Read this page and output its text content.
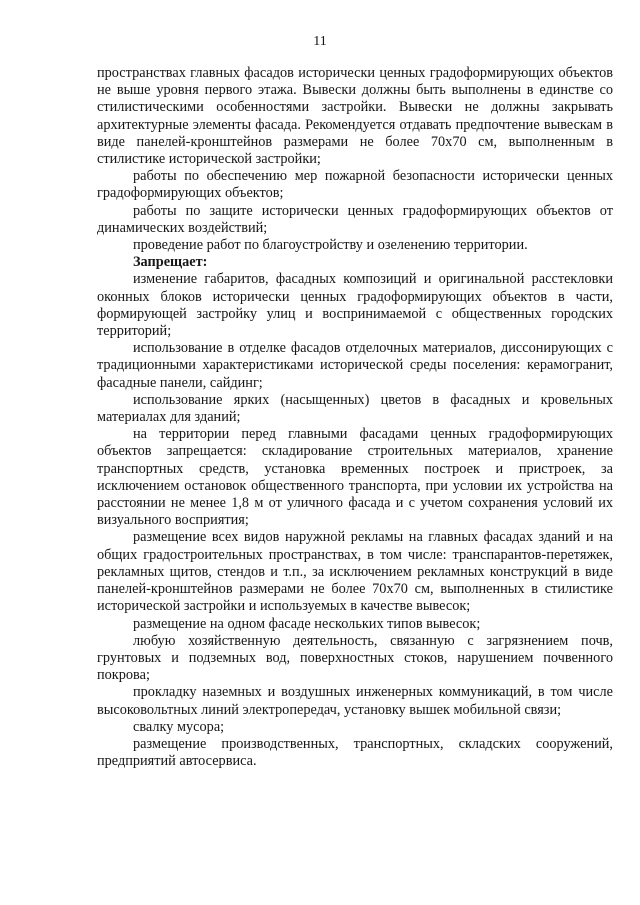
11

пространствах главных фасадов исторически ценных градоформирующих объектов не выше уровня первого этажа. Вывески должны быть выполнены в единстве со стилистическими особенностями застройки. Вывески не должны закрывать архитектурные элементы фасада. Рекомендуется отдавать предпочтение вывескам в виде панелей-кронштейнов размерами не более 70х70 см, выполненным в стилистике исторической застройки;

работы по обеспечению мер пожарной безопасности исторически ценных градоформирующих объектов;

работы по защите исторически ценных градоформирующих объектов от динамических воздействий;

проведение работ по благоустройству и озеленению территории.

Запрещает:

изменение габаритов, фасадных композиций и оригинальной расстекловки оконных блоков исторически ценных градоформирующих объектов в части, формирующей застройку улиц и воспринимаемой с общественных городских территорий;

использование в отделке фасадов отделочных материалов, диссонирующих с традиционными характеристиками исторической среды поселения: керамогранит, фасадные панели, сайдинг;

использование ярких (насыщенных) цветов в фасадных и кровельных материалах для зданий;

на территории перед главными фасадами ценных градоформирующих объектов запрещается: складирование строительных материалов, хранение транспортных средств, установка временных построек и пристроек, за исключением остановок общественного транспорта, при условии их устройства на расстоянии не менее 1,8 м от уличного фасада и с учетом сохранения условий их визуального восприятия;

размещение всех видов наружной рекламы на главных фасадах зданий и на общих градостроительных пространствах, в том числе: транспарантов-перетяжек, рекламных щитов, стендов и т.п., за исключением рекламных конструкций в виде панелей-кронштейнов размерами не более 70х70 см, выполненных в стилистике исторической застройки и используемых в качестве вывесок;

размещение на одном фасаде нескольких типов вывесок;

любую хозяйственную деятельность, связанную с загрязнением почв, грунтовых и подземных вод, поверхностных стоков, нарушением почвенного покрова;

прокладку наземных и воздушных инженерных коммуникаций, в том числе высоковольтных линий электропередач, установку вышек мобильной связи;

свалку мусора;

размещение производственных, транспортных, складских сооружений, предприятий автосервиса.
